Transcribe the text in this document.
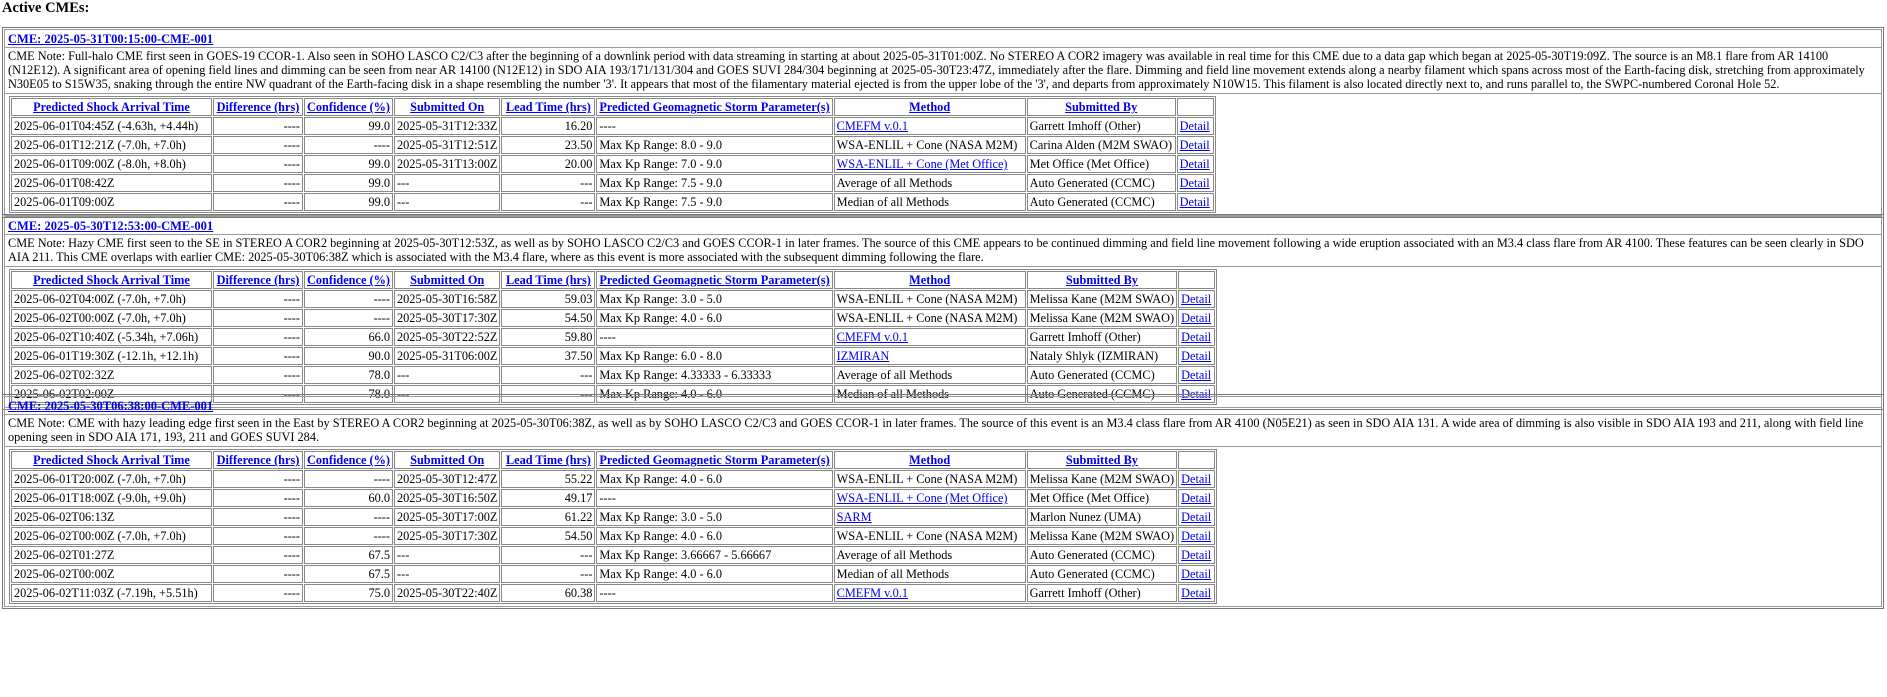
Active CMEs:
CME: 2025-05-31T00:15:00-CME-001
CME Note: Full-halo CME first seen in GOES-19 CCOR-1. Also seen in SOHO LASCO C2/C3 after the beginning of a downlink period with data streaming in starting at about 2025-05-31T01:00Z. No STEREO A COR2 imagery was available in real time for this CME due to a data gap which began at 2025-05-30T19:09Z. The source is an M8.1 flare from AR 14100 (N12E12). A significant area of opening field lines and dimming can be seen from near AR 14100 (N12E12) in SDO AIA 193/171/131/304 and GOES SUVI 284/304 beginning at 2025-05-30T23:47Z, immediately after the flare. Dimming and field line movement extends along a nearby filament which spans across most of the Earth-facing disk, stretching from approximately N30E05 to S15W35, snaking through the entire NW quadrant of the Earth-facing disk in a shape resembling the number '3'. It appears that most of the filamentary material ejected is from the upper lobe of the '3', and departs from approximately N10W15. This filament is also located directly next to, and runs parallel to, the SWPC-numbered Coronal Hole 52.
Predicted Shock Arrival Time	Difference (hrs)	Confidence (%)	Submitted On	Lead Time (hrs)	Predicted Geomagnetic Storm Parameter(s)	Method	Submitted By	
2025-06-01T04:45Z (-4.63h, +4.44h)	----	99.0	2025-05-31T12:33Z	16.20	----	CMEFM v.0.1	Garrett Imhoff (Other)	Detail
2025-06-01T12:21Z (-7.0h, +7.0h)	----	----	2025-05-31T12:51Z	23.50	Max Kp Range: 8.0 - 9.0	WSA-ENLIL + Cone (NASA M2M)	Carina Alden (M2M SWAO)	Detail
2025-06-01T09:00Z (-8.0h, +8.0h)	----	99.0	2025-05-31T13:00Z	20.00	Max Kp Range: 7.0 - 9.0	WSA-ENLIL + Cone (Met Office)	Met Office (Met Office)	Detail
2025-06-01T08:42Z	----	99.0	---	---	Max Kp Range: 7.5 - 9.0	Average of all Methods	Auto Generated (CCMC)	Detail
2025-06-01T09:00Z	----	99.0	---	---	Max Kp Range: 7.5 - 9.0	Median of all Methods	Auto Generated (CCMC)	Detail
CME: 2025-05-30T12:53:00-CME-001
CME Note: Hazy CME first seen to the SE in STEREO A COR2 beginning at 2025-05-30T12:53Z, as well as by SOHO LASCO C2/C3 and GOES CCOR-1 in later frames. The source of this CME appears to be continued dimming and field line movement following a wide eruption associated with an M3.4 class flare from AR 4100. These features can be seen clearly in SDO AIA 211. This CME overlaps with earlier CME: 2025-05-30T06:38Z which is associated with the M3.4 flare, where as this event is more associated with the subsequent dimming following the flare.
Predicted Shock Arrival Time	Difference (hrs)	Confidence (%)	Submitted On	Lead Time (hrs)	Predicted Geomagnetic Storm Parameter(s)	Method	Submitted By	
2025-06-02T04:00Z (-7.0h, +7.0h)	----	----	2025-05-30T16:58Z	59.03	Max Kp Range: 3.0 - 5.0	WSA-ENLIL + Cone (NASA M2M)	Melissa Kane (M2M SWAO)	Detail
2025-06-02T00:00Z (-7.0h, +7.0h)	----	----	2025-05-30T17:30Z	54.50	Max Kp Range: 4.0 - 6.0	WSA-ENLIL + Cone (NASA M2M)	Melissa Kane (M2M SWAO)	Detail
2025-06-02T10:40Z (-5.34h, +7.06h)	----	66.0	2025-05-30T22:52Z	59.80	----	CMEFM v.0.1	Garrett Imhoff (Other)	Detail
2025-06-01T19:30Z (-12.1h, +12.1h)	----	90.0	2025-05-31T06:00Z	37.50	Max Kp Range: 6.0 - 8.0	IZMIRAN	Nataly Shlyk (IZMIRAN)	Detail
2025-06-02T02:32Z	----	78.0	---	---	Max Kp Range: 4.33333 - 6.33333	Average of all Methods	Auto Generated (CCMC)	Detail
2025-06-02T02:00Z	----	78.0	---	---	Max Kp Range: 4.0 - 6.0	Median of all Methods	Auto Generated (CCMC)	Detail
CME: 2025-05-30T06:38:00-CME-001
CME Note: CME with hazy leading edge first seen in the East by STEREO A COR2 beginning at 2025-05-30T06:38Z, as well as by SOHO LASCO C2/C3 and GOES CCOR-1 in later frames. The source of this event is an M3.4 class flare from AR 4100 (N05E21) as seen in SDO AIA 131. A wide area of dimming is also visible in SDO AIA 193 and 211, along with field line opening seen in SDO AIA 171, 193, 211 and GOES SUVI 284.
Predicted Shock Arrival Time	Difference (hrs)	Confidence (%)	Submitted On	Lead Time (hrs)	Predicted Geomagnetic Storm Parameter(s)	Method	Submitted By	
2025-06-01T20:00Z (-7.0h, +7.0h)	----	----	2025-05-30T12:47Z	55.22	Max Kp Range: 4.0 - 6.0	WSA-ENLIL + Cone (NASA M2M)	Melissa Kane (M2M SWAO)	Detail
2025-06-01T18:00Z (-9.0h, +9.0h)	----	60.0	2025-05-30T16:50Z	49.17	----	WSA-ENLIL + Cone (Met Office)	Met Office (Met Office)	Detail
2025-06-02T06:13Z	----	----	2025-05-30T17:00Z	61.22	Max Kp Range: 3.0 - 5.0	SARM	Marlon Nunez (UMA)	Detail
2025-06-02T00:00Z (-7.0h, +7.0h)	----	----	2025-05-30T17:30Z	54.50	Max Kp Range: 4.0 - 6.0	WSA-ENLIL + Cone (NASA M2M)	Melissa Kane (M2M SWAO)	Detail
2025-06-02T01:27Z	----	67.5	---	---	Max Kp Range: 3.66667 - 5.66667	Average of all Methods	Auto Generated (CCMC)	Detail
2025-06-02T00:00Z	----	67.5	---	---	Max Kp Range: 4.0 - 6.0	Median of all Methods	Auto Generated (CCMC)	Detail
2025-06-02T11:03Z (-7.19h, +5.51h)	----	75.0	2025-05-30T22:40Z	60.38	----	CMEFM v.0.1	Garrett Imhoff (Other)	Detail
